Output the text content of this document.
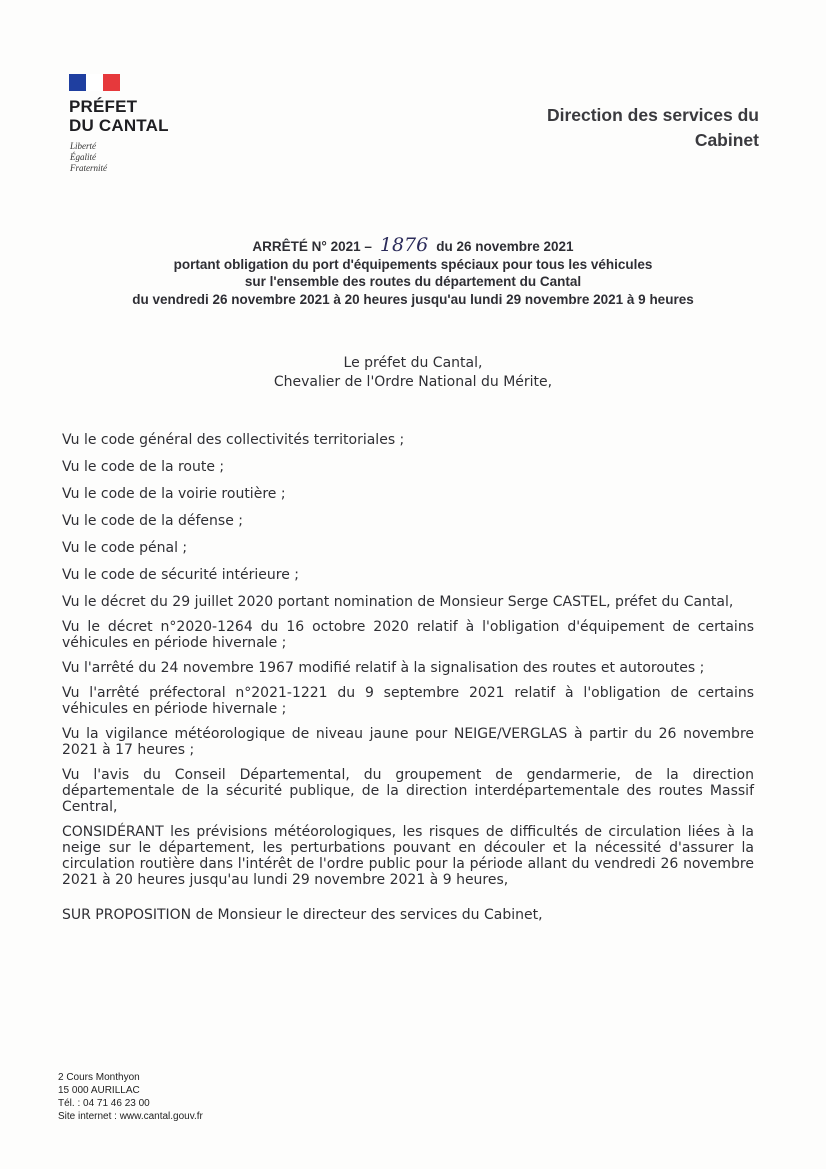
PRÉFET
DU CANTAL
Liberté
Égalité
Fraternité
Direction des services du
Cabinet
ARRÊTÉ N° 2021 – 1876 du 26 novembre 2021
portant obligation du port d'équipements spéciaux pour tous les véhicules
sur l'ensemble des routes du département du Cantal
du vendredi 26 novembre 2021 à 20 heures jusqu'au lundi 29 novembre 2021 à 9 heures
Le préfet du Cantal,
Chevalier de l'Ordre National du Mérite,

Vu le code général des collectivités territoriales ;

Vu le code de la route ;

Vu le code de la voirie routière ;

Vu le code de la défense ;

Vu le code pénal ;

Vu le code de sécurité intérieure ;

Vu le décret du 29 juillet 2020 portant nomination de Monsieur Serge CASTEL, préfet du Cantal,

Vu le décret n°2020-1264 du 16 octobre 2020 relatif à l'obligation d'équipement de certains véhicules en période hivernale ;

Vu l'arrêté du 24 novembre 1967 modifié relatif à la signalisation des routes et autoroutes ;

Vu l'arrêté préfectoral n°2021-1221 du 9 septembre 2021 relatif à l'obligation de certains véhicules en période hivernale ;

Vu la vigilance météorologique de niveau jaune pour NEIGE/VERGLAS à partir du 26 novembre 2021 à 17 heures ;

Vu l'avis du Conseil Départemental, du groupement de gendarmerie, de la direction départementale de la sécurité publique, de la direction interdépartementale des routes Massif Central,

CONSIDÉRANT les prévisions météorologiques, les risques de difficultés de circulation liées à la neige sur le département, les perturbations pouvant en découler et la nécessité d'assurer la circulation routière dans l'intérêt de l'ordre public pour la période allant du vendredi 26 novembre 2021 à 20 heures jusqu'au lundi 29 novembre 2021 à 9 heures,

SUR PROPOSITION de Monsieur le directeur des services du Cabinet,

2 Cours Monthyon
15 000 AURILLAC
Tél. : 04 71 46 23 00
Site internet : www.cantal.gouv.fr
